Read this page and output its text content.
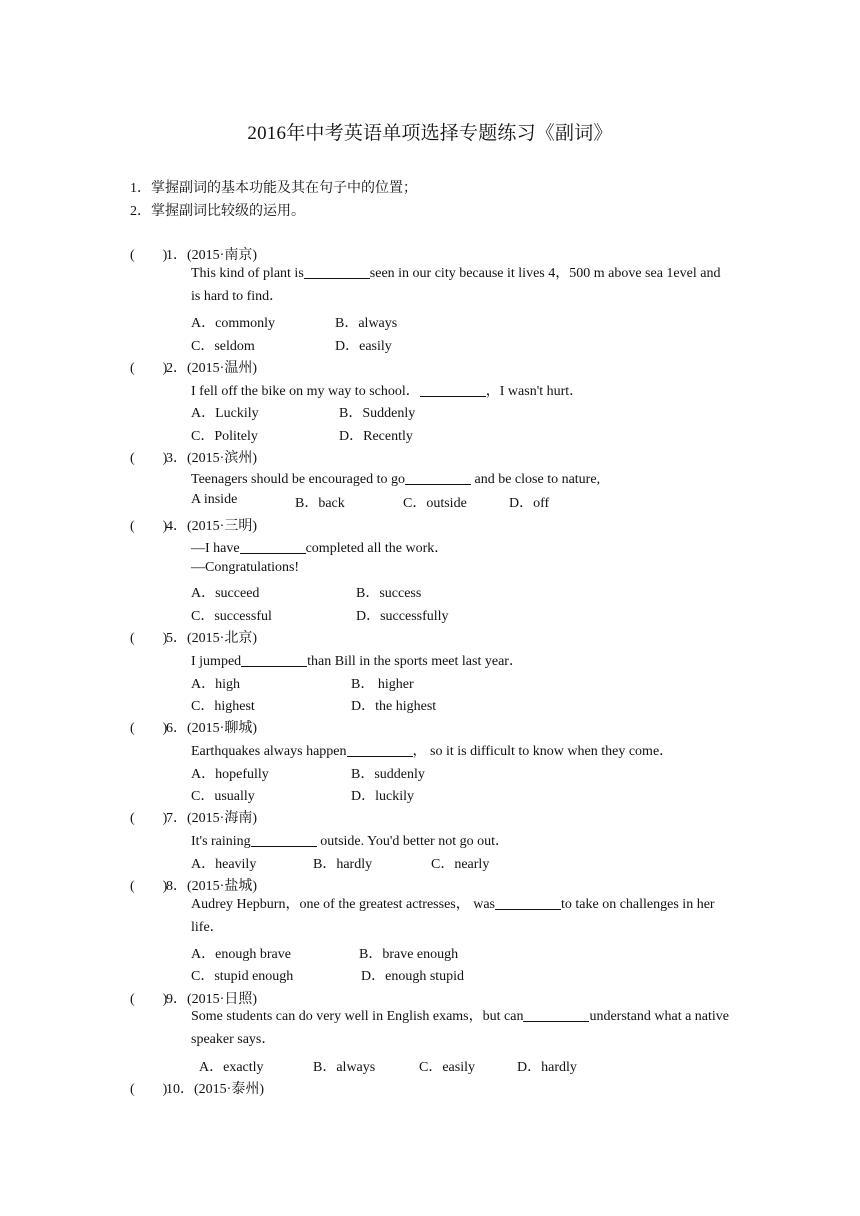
2016年中考英语单项选择专题练习《副词》
1．掌握副词的基本功能及其在句子中的位置；
2．掌握副词比较级的运用。
(        )1．(2015·南京)
This kind of plant is	seen in our city because it lives 4，500 m above sea 1evel and is hard to find．
A．commonly	B．always
C．seldom	D．easily
(        )2．(2015·温州)
I fell off the bike on my way to school．	，I wasn't hurt．
A．Luckily	B．Suddenly
C．Politely	D．Recently
(        )3．(2015·滨州)
Teenagers should be encouraged to go	and be close to nature,
A inside	B．back	C．outside	D．off
(        )4．(2015·三明)
—I have	completed all the work．
—Congratulations!
A．succeed	B．success
C．successful	D．successfully
(        )5．(2015·北京)
I jumped	than Bill in the sports meet last year．
A．high	B． higher
C．highest	D．the highest
(        )6．(2015·聊城)
Earthquakes always happen	， so it is difficult to know when they come．
A．hopefully	B．suddenly
C．usually	D．luckily
(        )7．(2015·海南)
It's raining	outside. You'd better not go out．
A．heavily	B．hardly	C．nearly
(        )8．(2015·盐城)
Audrey Hepburn，one of the greatest actresses， was	to take on challenges in her life．
A．enough brave	B．brave enough
C．stupid enough	D．enough stupid
(        )9．(2015·日照)
Some students can do very well in English exams，but can	understand what a native speaker says．
A．exactly	B．always	C．easily	D．hardly
(        )10．(2015·泰州)
